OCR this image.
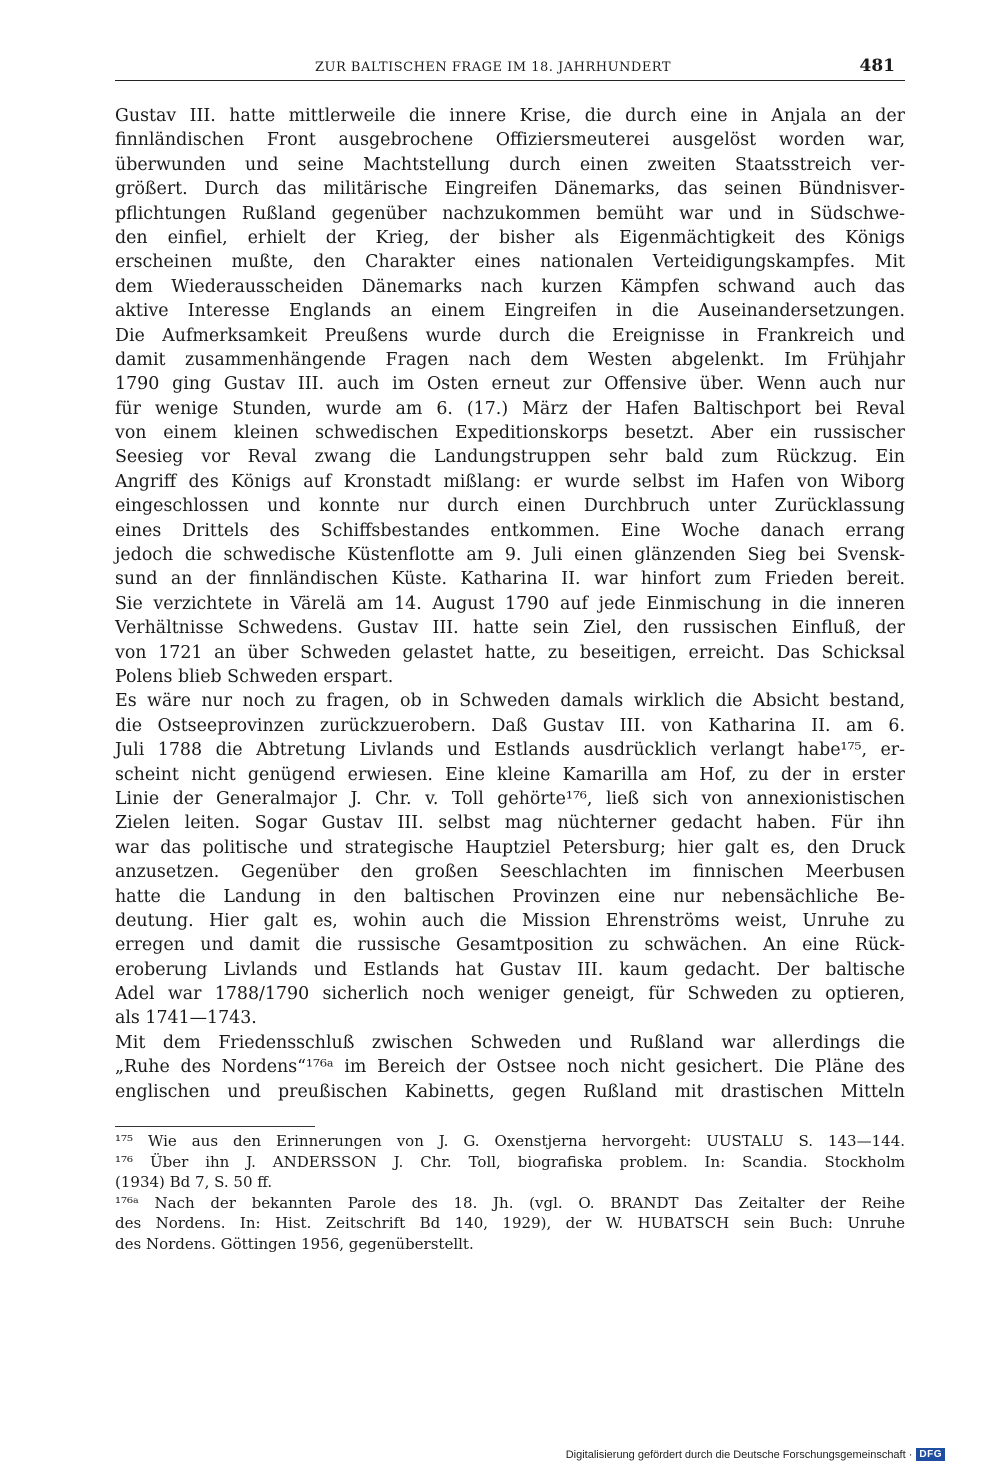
ZUR BALTISCHEN FRAGE IM 18. JAHRHUNDERT	481
Gustav III. hatte mittlerweile die innere Krise, die durch eine in Anjala an der
finnländischen Front ausgebrochene Offiziersmeuterei ausgelöst worden war,
überwunden und seine Machtstellung durch einen zweiten Staatsstreich ver-
größert. Durch das militärische Eingreifen Dänemarks, das seinen Bündnisver-
pflichtungen Rußland gegenüber nachzukommen bemüht war und in Südschwe-
den einfiel, erhielt der Krieg, der bisher als Eigenmächtigkeit des Königs
erscheinen mußte, den Charakter eines nationalen Verteidigungskampfes. Mit
dem Wiederausscheiden Dänemarks nach kurzen Kämpfen schwand auch das
aktive Interesse Englands an einem Eingreifen in die Auseinandersetzungen.
Die Aufmerksamkeit Preußens wurde durch die Ereignisse in Frankreich und
damit zusammenhängende Fragen nach dem Westen abgelenkt. Im Frühjahr
1790 ging Gustav III. auch im Osten erneut zur Offensive über. Wenn auch nur
für wenige Stunden, wurde am 6. (17.) März der Hafen Baltischport bei Reval
von einem kleinen schwedischen Expeditionskorps besetzt. Aber ein russischer
Seesieg vor Reval zwang die Landungstruppen sehr bald zum Rückzug. Ein
Angriff des Königs auf Kronstadt mißlang: er wurde selbst im Hafen von Wiborg
eingeschlossen und konnte nur durch einen Durchbruch unter Zurücklassung
eines Drittels des Schiffsbestandes entkommen. Eine Woche danach errang
jedoch die schwedische Küstenflotte am 9. Juli einen glänzenden Sieg bei Svensk-
sund an der finnländischen Küste. Katharina II. war hinfort zum Frieden bereit.
Sie verzichtete in Värelä am 14. August 1790 auf jede Einmischung in die inneren
Verhältnisse Schwedens. Gustav III. hatte sein Ziel, den russischen Einfluß, der
von 1721 an über Schweden gelastet hatte, zu beseitigen, erreicht. Das Schicksal
Polens blieb Schweden erspart.
Es wäre nur noch zu fragen, ob in Schweden damals wirklich die Absicht bestand,
die Ostseeprovinzen zurückzuerobern. Daß Gustav III. von Katharina II. am 6.
Juli 1788 die Abtretung Livlands und Estlands ausdrücklich verlangt habe¹⁷⁵, er-
scheint nicht genügend erwiesen. Eine kleine Kamarilla am Hof, zu der in erster
Linie der Generalmajor J. Chr. v. Toll gehörte¹⁷⁶, ließ sich von annexionistischen
Zielen leiten. Sogar Gustav III. selbst mag nüchterner gedacht haben. Für ihn
war das politische und strategische Hauptziel Petersburg; hier galt es, den Druck
anzusetzen. Gegenüber den großen Seeschlachten im finnischen Meerbusen
hatte die Landung in den baltischen Provinzen eine nur nebensächliche Be-
deutung. Hier galt es, wohin auch die Mission Ehrenströms weist, Unruhe zu
erregen und damit die russische Gesamtposition zu schwächen. An eine Rück-
eroberung Livlands und Estlands hat Gustav III. kaum gedacht. Der baltische
Adel war 1788/1790 sicherlich noch weniger geneigt, für Schweden zu optieren,
als 1741—1743.
Mit dem Friedensschluß zwischen Schweden und Rußland war allerdings die
„Ruhe des Nordens“¹⁷⁶ᵃ im Bereich der Ostsee noch nicht gesichert. Die Pläne des
englischen und preußischen Kabinetts, gegen Rußland mit drastischen Mitteln
¹⁷⁵ Wie aus den Erinnerungen von J. G. Oxenstjerna hervorgeht: UUSTALU S. 143—144.
¹⁷⁶ Über ihn J. ANDERSSON J. Chr. Toll, biografiska problem. In: Scandia. Stockholm
(1934) Bd 7, S. 50 ff.
¹⁷⁶ᵃ Nach der bekannten Parole des 18. Jh. (vgl. O. BRANDT Das Zeitalter der Reihe
des Nordens. In: Hist. Zeitschrift Bd 140, 1929), der W. HUBATSCH sein Buch: Unruhe
des Nordens. Göttingen 1956, gegenüberstellt.
Digitalisierung gefördert durch die Deutsche Forschungsgemeinschaft · DFG
